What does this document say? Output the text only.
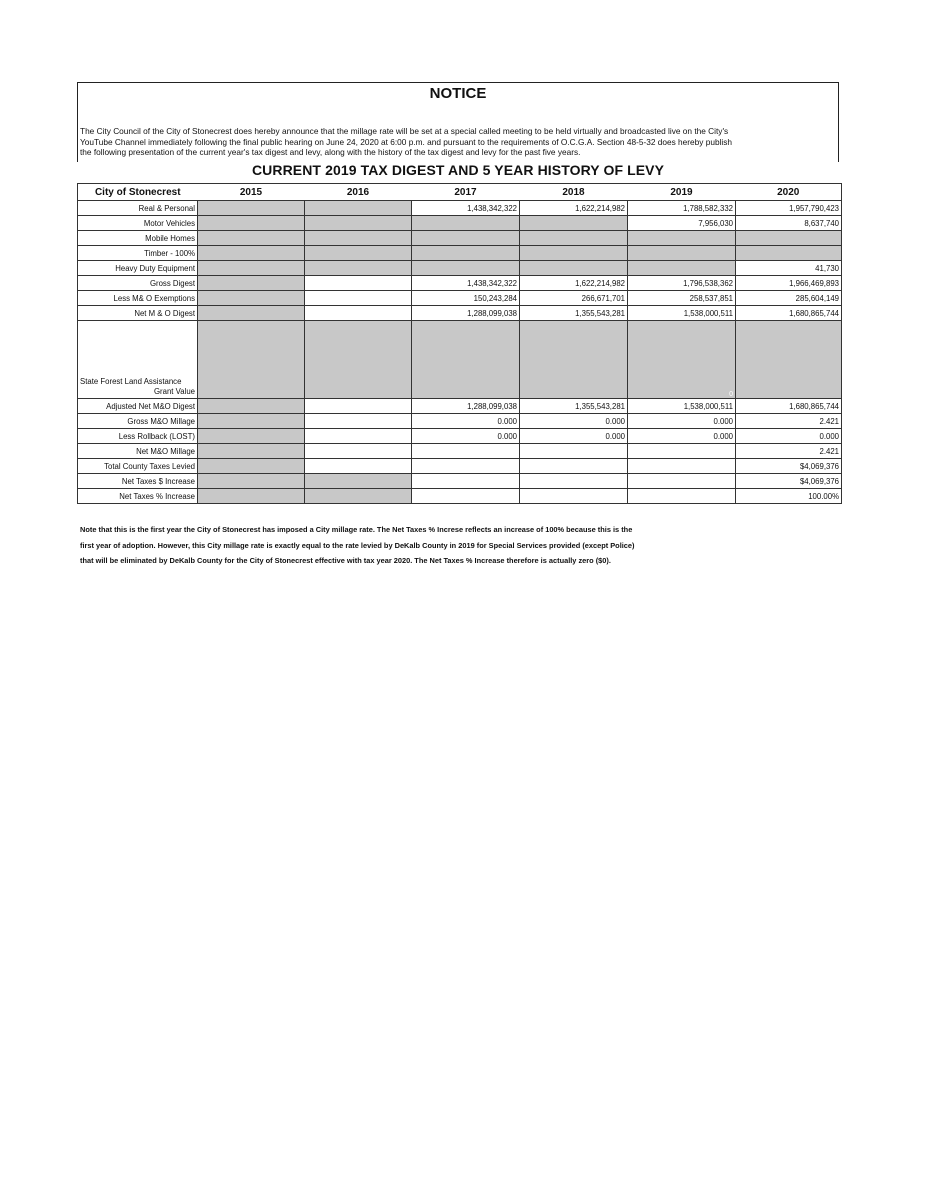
NOTICE
The City Council of the City of Stonecrest does hereby announce that the millage rate will be set at a special called meeting to be held virtually and broadcasted live on the City's
YouTube Channel immediately following the final public hearing on June 24, 2020 at 6:00 p.m. and pursuant to the requirements of O.C.G.A. Section 48-5-32 does hereby publish
the following presentation of the current year's tax digest and levy, along with the history of the tax digest and levy for the past five years.
CURRENT 2019 TAX DIGEST AND 5 YEAR HISTORY OF LEVY
City of Stonecrest	2015	2016	2017	2018	2019	2020
Real & Personal			1,438,342,322	1,622,214,982	1,788,582,332	1,957,790,423
Motor Vehicles					7,956,030	8,637,740
Mobile Homes						
Timber - 100%						
Heavy Duty Equipment						41,730
Gross Digest			1,438,342,322	1,622,214,982	1,796,538,362	1,966,469,893
Less M& O Exemptions			150,243,284	266,671,701	258,537,851	285,604,149
Net M & O Digest			1,288,099,038	1,355,543,281	1,538,000,511	1,680,865,744

State Forest Land Assistance
Grant Value					0	
Adjusted Net M&O Digest			1,288,099,038	1,355,543,281	1,538,000,511	1,680,865,744
Gross M&O Millage			0.000	0.000	0.000	2.421
Less Rollback (LOST)			0.000	0.000	0.000	0.000
Net M&O Millage						2.421
Total County Taxes Levied						$4,069,376
Net Taxes $ Increase						$4,069,376
Net Taxes % Increase						100.00%
Note that this is the first year the City of Stonecrest has imposed a City millage rate. The Net Taxes % Increse reflects an increase of 100% because this is the
first year of adoption. However, this City millage rate is exactly equal to the rate levied by DeKalb County in 2019 for Special Services provided (except Police)
that will be eliminated by DeKalb County for the City of Stonecrest effective with tax year 2020. The Net Taxes % Increase therefore is actually zero ($0).
